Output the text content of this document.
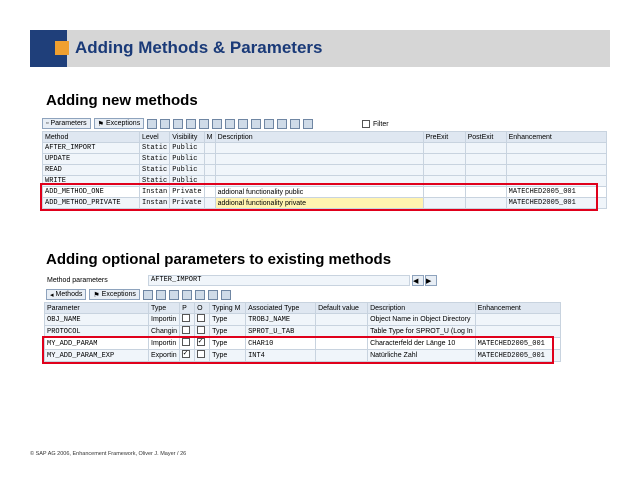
Adding Methods & Parameters
Adding new methods
▫ Parameters ⚑ Exceptions	Filter
Method	Level	Visibility	M	Description	PreExit	PostExit	Enhancement
AFTER_IMPORT	Static	Public					
UPDATE	Static	Public					
READ	Static	Public					
WRITE	Static	Public					
ADD_METHOD_ONE	Instan	Private		addional functionality public			MATECHED2005_001
ADD_METHOD_PRIVATE	Instan	Private		addional functionality private			MATECHED2005_001
Adding optional parameters to existing methods
Method parameters	AFTER_IMPORT	◀ ▶
◂ Methods ⚑ Exceptions
Parameter	Type	P	O	Typing M	Associated Type	Default value	Description	Enhancement
OBJ_NAME	Importin			Type	TROBJ_NAME		Object Name in Object Directory	
PROTOCOL	Changin			Type	SPROT_U_TAB		Table Type for SPROT_U (Log In	
MY_ADD_PARAM	Importin		✓	Type	CHAR10		Characterfeld der Länge 10	MATECHED2005_001
MY_ADD_PARAM_EXP	Exportin	✓		Type	INT4		Natürliche Zahl	MATECHED2005_001
© SAP AG 2006, Enhancement Framework, Oliver J. Mayer / 26
